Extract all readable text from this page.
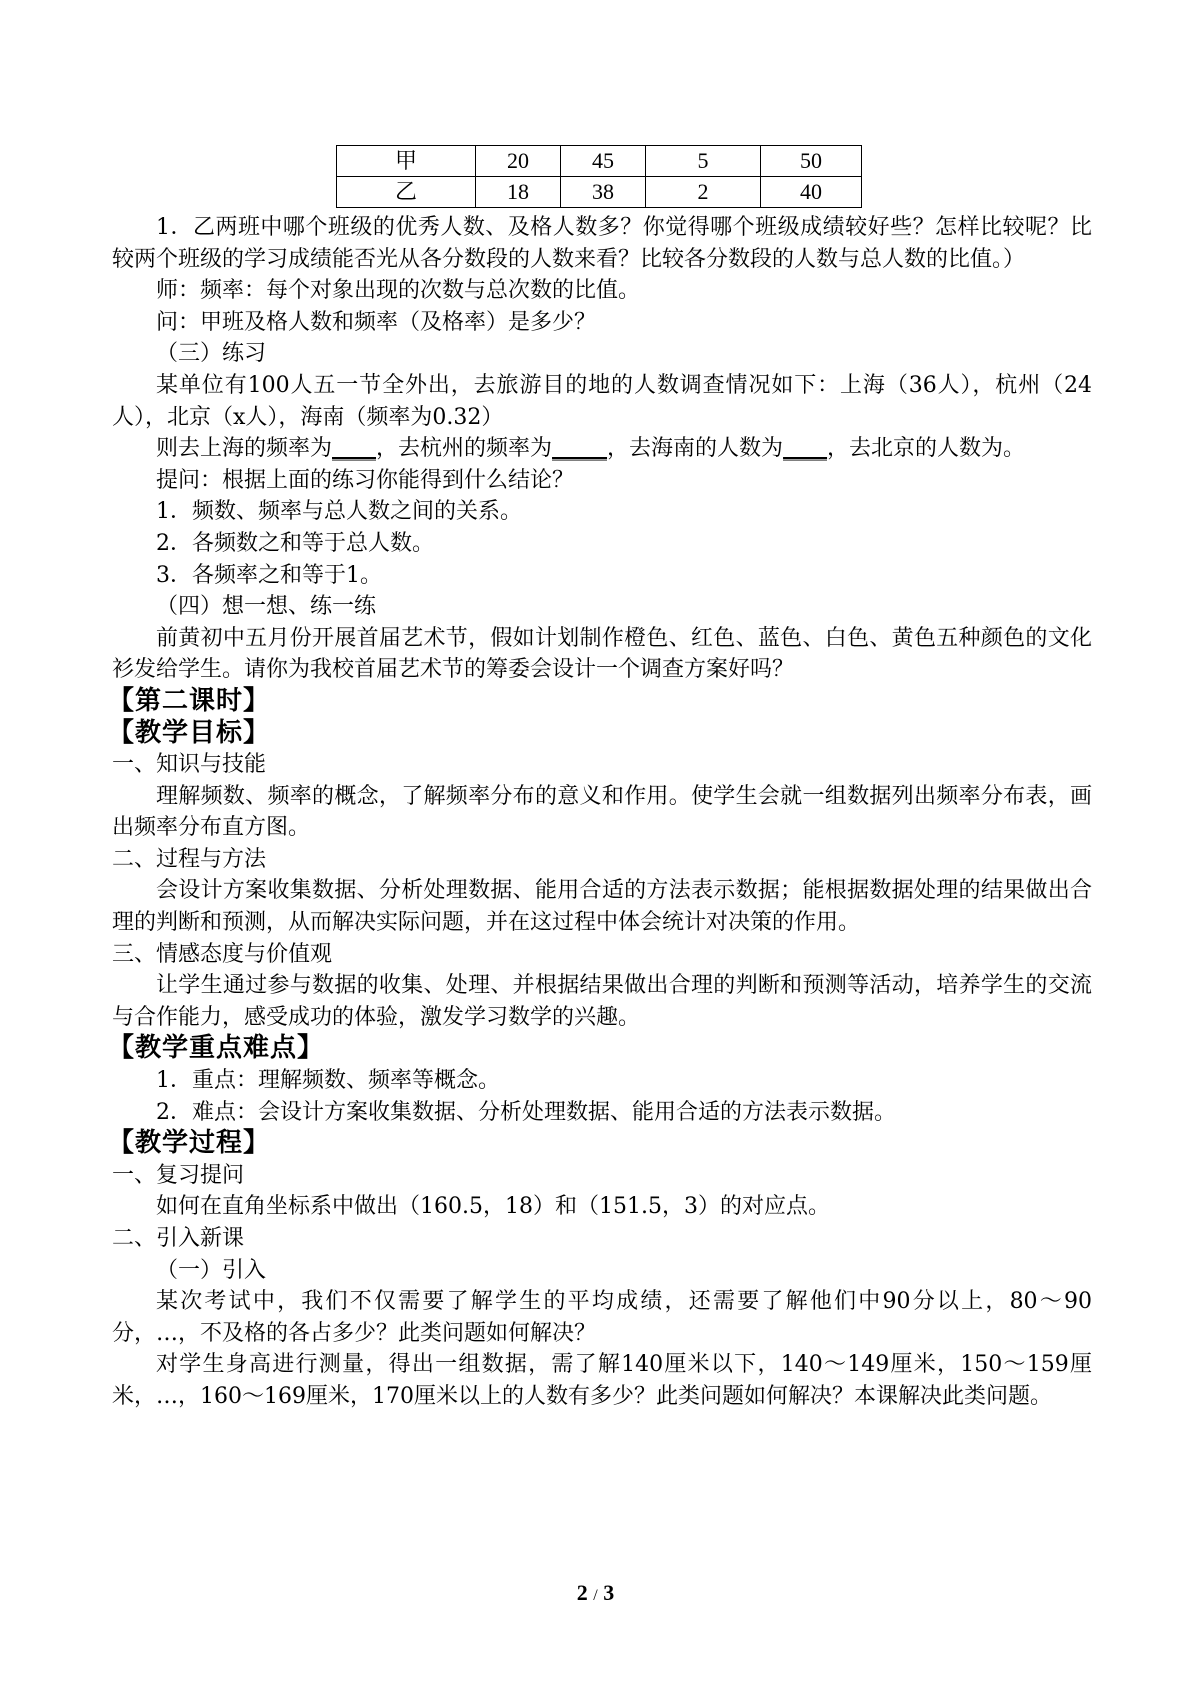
甲	20	45	5	50
乙	18	38	2	40

1．乙两班中哪个班级的优秀人数、及格人数多？你觉得哪个班级成绩较好些？怎样比较呢？比较两个班级的学习成绩能否光从各分数段的人数来看？比较各分数段的人数与总人数的比值。）

师：频率：每个对象出现的次数与总次数的比值。

问：甲班及格人数和频率（及格率）是多少？

（三）练习

某单位有100人五一节全外出，去旅游目的地的人数调查情况如下：上海（36人），杭州（24人），北京（x人），海南（频率为0.32）

则去上海的频率为____，去杭州的频率为_____，去海南的人数为____，去北京的人数为。

提问：根据上面的练习你能得到什么结论？

1．频数、频率与总人数之间的关系。

2．各频数之和等于总人数。

3．各频率之和等于1。

（四）想一想、练一练

前黄初中五月份开展首届艺术节，假如计划制作橙色、红色、蓝色、白色、黄色五种颜色的文化衫发给学生。请你为我校首届艺术节的筹委会设计一个调查方案好吗？

【第二课时】

【教学目标】

一、知识与技能

理解频数、频率的概念，了解频率分布的意义和作用。使学生会就一组数据列出频率分布表，画出频率分布直方图。

二、过程与方法

会设计方案收集数据、分析处理数据、能用合适的方法表示数据；能根据数据处理的结果做出合理的判断和预测，从而解决实际问题，并在这过程中体会统计对决策的作用。

三、情感态度与价值观

让学生通过参与数据的收集、处理、并根据结果做出合理的判断和预测等活动，培养学生的交流与合作能力，感受成功的体验，激发学习数学的兴趣。

【教学重点难点】

1．重点：理解频数、频率等概念。

2．难点：会设计方案收集数据、分析处理数据、能用合适的方法表示数据。

【教学过程】

一、复习提问

如何在直角坐标系中做出（160.5，18）和（151.5，3）的对应点。

二、引入新课

（一）引入

某次考试中，我们不仅需要了解学生的平均成绩，还需要了解他们中90分以上，80～90分，…，不及格的各占多少？此类问题如何解决？

对学生身高进行测量，得出一组数据，需了解140厘米以下，140～149厘米，150～159厘米，…，160～169厘米，170厘米以上的人数有多少？此类问题如何解决？本课解决此类问题。

2 / 3
